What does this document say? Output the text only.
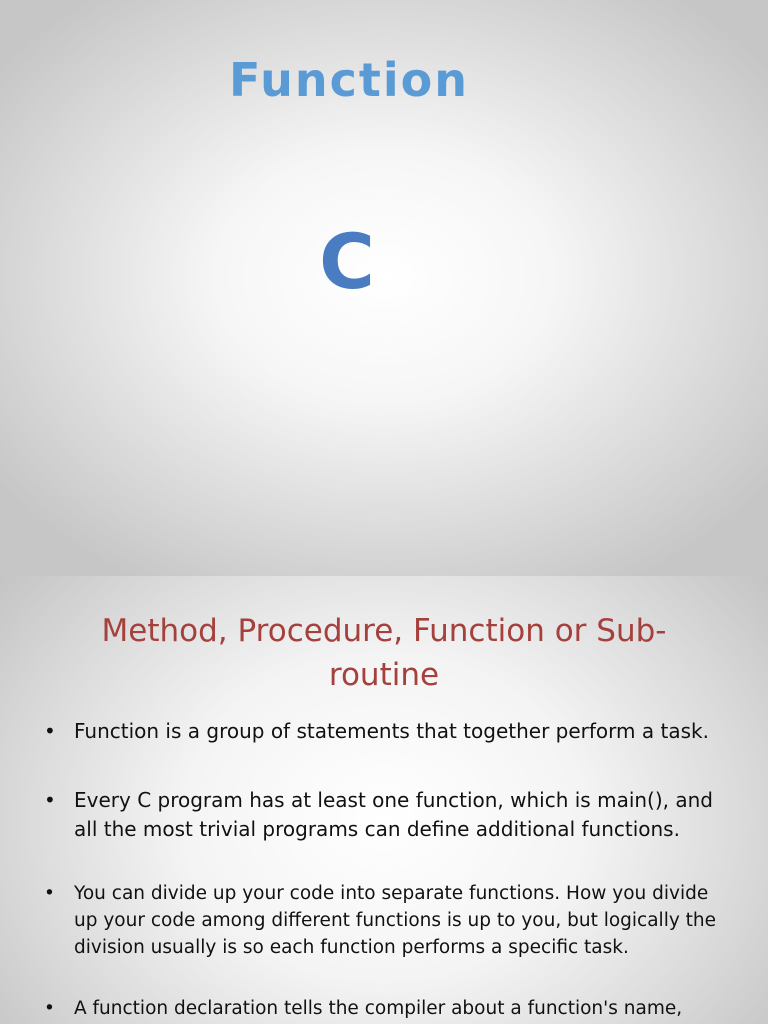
Function
C
Method, Procedure, Function or Sub-routine
• Function is a group of statements that together perform a task.
• Every C program has at least one function, which is main(), and all the most trivial programs can define additional functions.
• You can divide up your code into separate functions. How you divide up your code among different functions is up to you, but logically the division usually is so each function performs a specific task.
• A function declaration tells the compiler about a function's name,
